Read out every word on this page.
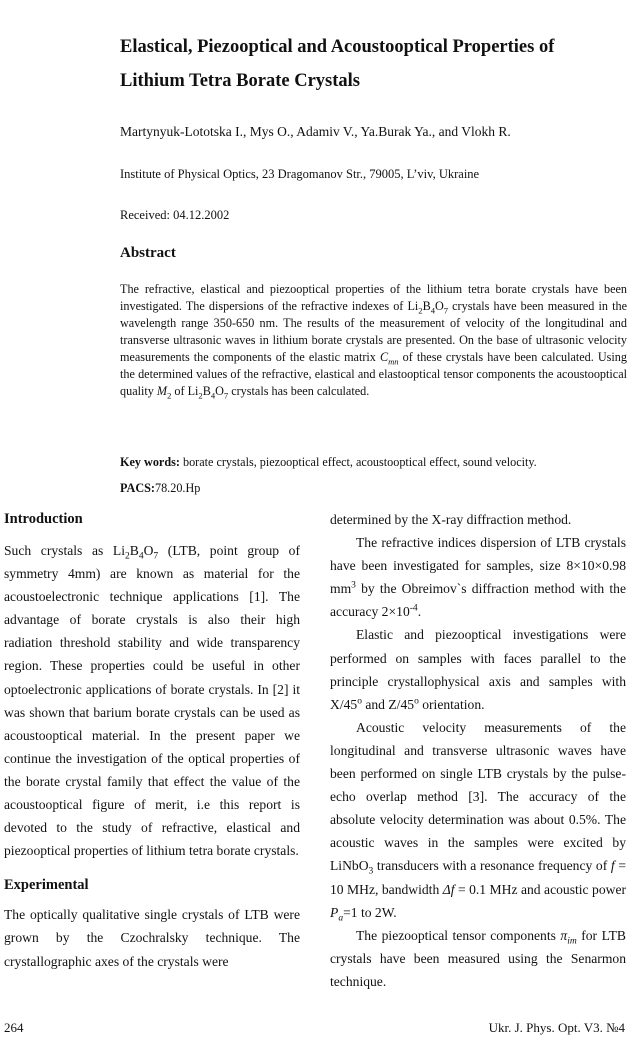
Elastical, Piezooptical and Acoustooptical Properties of Lithium Tetra Borate Crystals
Martynyuk-Lototska I., Mys O., Adamiv V., Ya.Burak Ya., and Vlokh R.
Institute of Physical Optics, 23 Dragomanov Str., 79005, L’viv, Ukraine
Received: 04.12.2002
Abstract

The refractive, elastical and piezooptical properties of the lithium tetra borate crystals have been investigated. The dispersions of the refractive indexes of $Li_2B_4O_7$ crystals have been measured in the wavelength range 350-650 nm. The results of the measurement of velocity of the longitudinal and transverse ultrasonic waves in lithium borate crystals are presented. On the base of ultrasonic velocity measurements the components of the elastic matrix $C_{mn}$ of these crystals have been calculated. Using the determined values of the refractive, elastical and elastooptical tensor components the acoustooptical quality $M_2$ of $Li_2B_4O_7$ crystals has been calculated.

Key words: borate crystals, piezooptical effect, acoustooptical effect, sound velocity.
PACS:78.20.Hp
Introduction

Such crystals as $Li_2B_4O_7$ (LTB, point group of symmetry 4mm) are known as material for the acoustoelectronic technique applications [1]. The advantage of borate crystals is also their high radiation threshold stability and wide transparency region. These properties could be useful in other optoelectronic applications of borate crystals. In [2] it was shown that barium borate crystals can be used as acoustooptical material. In the present paper we continue the investigation of the optical properties of the borate crystal family that effect the value of the acoustooptical figure of merit, i.e this report is devoted to the study of refractive, elastical and piezooptical properties of lithium tetra borate crystals.

Experimental

The optically qualitative single crystals of LTB were grown by the Czochralsky technique. The crystallographic axes of the crystals were

determined by the X-ray diffraction method.

The refractive indices dispersion of LTB crystals have been investigated for samples, size 8×10×0.98 $mm^3$ by the Obreimov`s diffraction method with the accuracy $2\times 10^{-4}$.

Elastic and piezooptical investigations were performed on samples with faces parallel to the principle crystallophysical axis and samples with X/45$^o$ and Z/45$^o$ orientation.

Acoustic velocity measurements of the longitudinal and transverse ultrasonic waves have been performed on single LTB crystals by the pulse-echo overlap method [3]. The accuracy of the absolute velocity determination was about 0.5%. The acoustic waves in the samples were excited by LiNbO$_3$ transducers with a resonance frequency of f = 10 MHz, bandwidth Δf = 0.1 MHz and acoustic power $P_a=1$ to 2W.

The piezooptical tensor components $\pi_{im}$ for LTB crystals have been measured using the Senarmon technique.

264	Ukr. J. Phys. Opt. V3. №4
